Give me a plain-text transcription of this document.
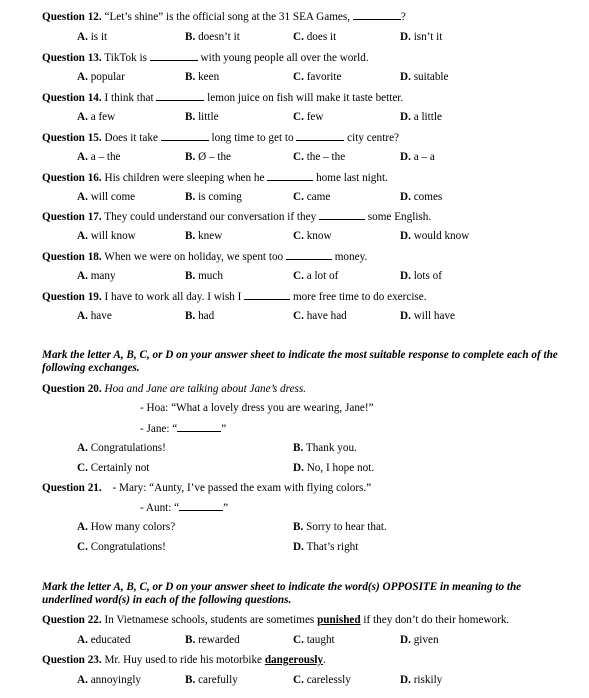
Question 12. “Let’s shine” is the official song at the 31 SEA Games,	?
A. is it	B. doesn’t it	C. does it	D. isn’t it
Question 13. TikTok is	with young people all over the world.
A. popular	B. keen	C. favorite	D. suitable
Question 14. I think that	lemon juice on fish will make it taste better.
A. a few	B. little	C. few	D. a little
Question 15. Does it take	long time to get to	city centre?
A. a – the	B. Ø – the	C. the – the	D. a – a
Question 16. His children were sleeping when he	home last night.
A. will come	B. is coming	C. came	D. comes
Question 17. They could understand our conversation if they	some English.
A. will know	B. knew	C. know	D. would know
Question 18. When we were on holiday, we spent too	money.
A. many	B. much	C. a lot of	D. lots of
Question 19. I have to work all day. I wish I	more free time to do exercise.
A. have	B. had	C. have had	D. will have
Mark the letter A, B, C, or D on your answer sheet to indicate the most suitable response to complete each of the following exchanges.
Question 20. Hoa and Jane are talking about Jane’s dress.
- Hoa: “What a lovely dress you are wearing, Jane!”
- Jane: “	”
A. Congratulations!	B. Thank you.
C. Certainly not	D. No, I hope not.
Question 21. - Mary: “Aunty, I’ve passed the exam with flying colors.”
- Aunt: “	”
A. How many colors?	B. Sorry to hear that.
C. Congratulations!	D. That’s right
Mark the letter A, B, C, or D on your answer sheet to indicate the word(s) OPPOSITE in meaning to the underlined word(s) in each of the following questions.
Question 22. In Vietnamese schools, students are sometimes punished if they don’t do their homework.
A. educated	B. rewarded	C. taught	D. given
Question 23. Mr. Huy used to ride his motorbike dangerously.
A. annoyingly	B. carefully	C. carelessly	D. riskily
